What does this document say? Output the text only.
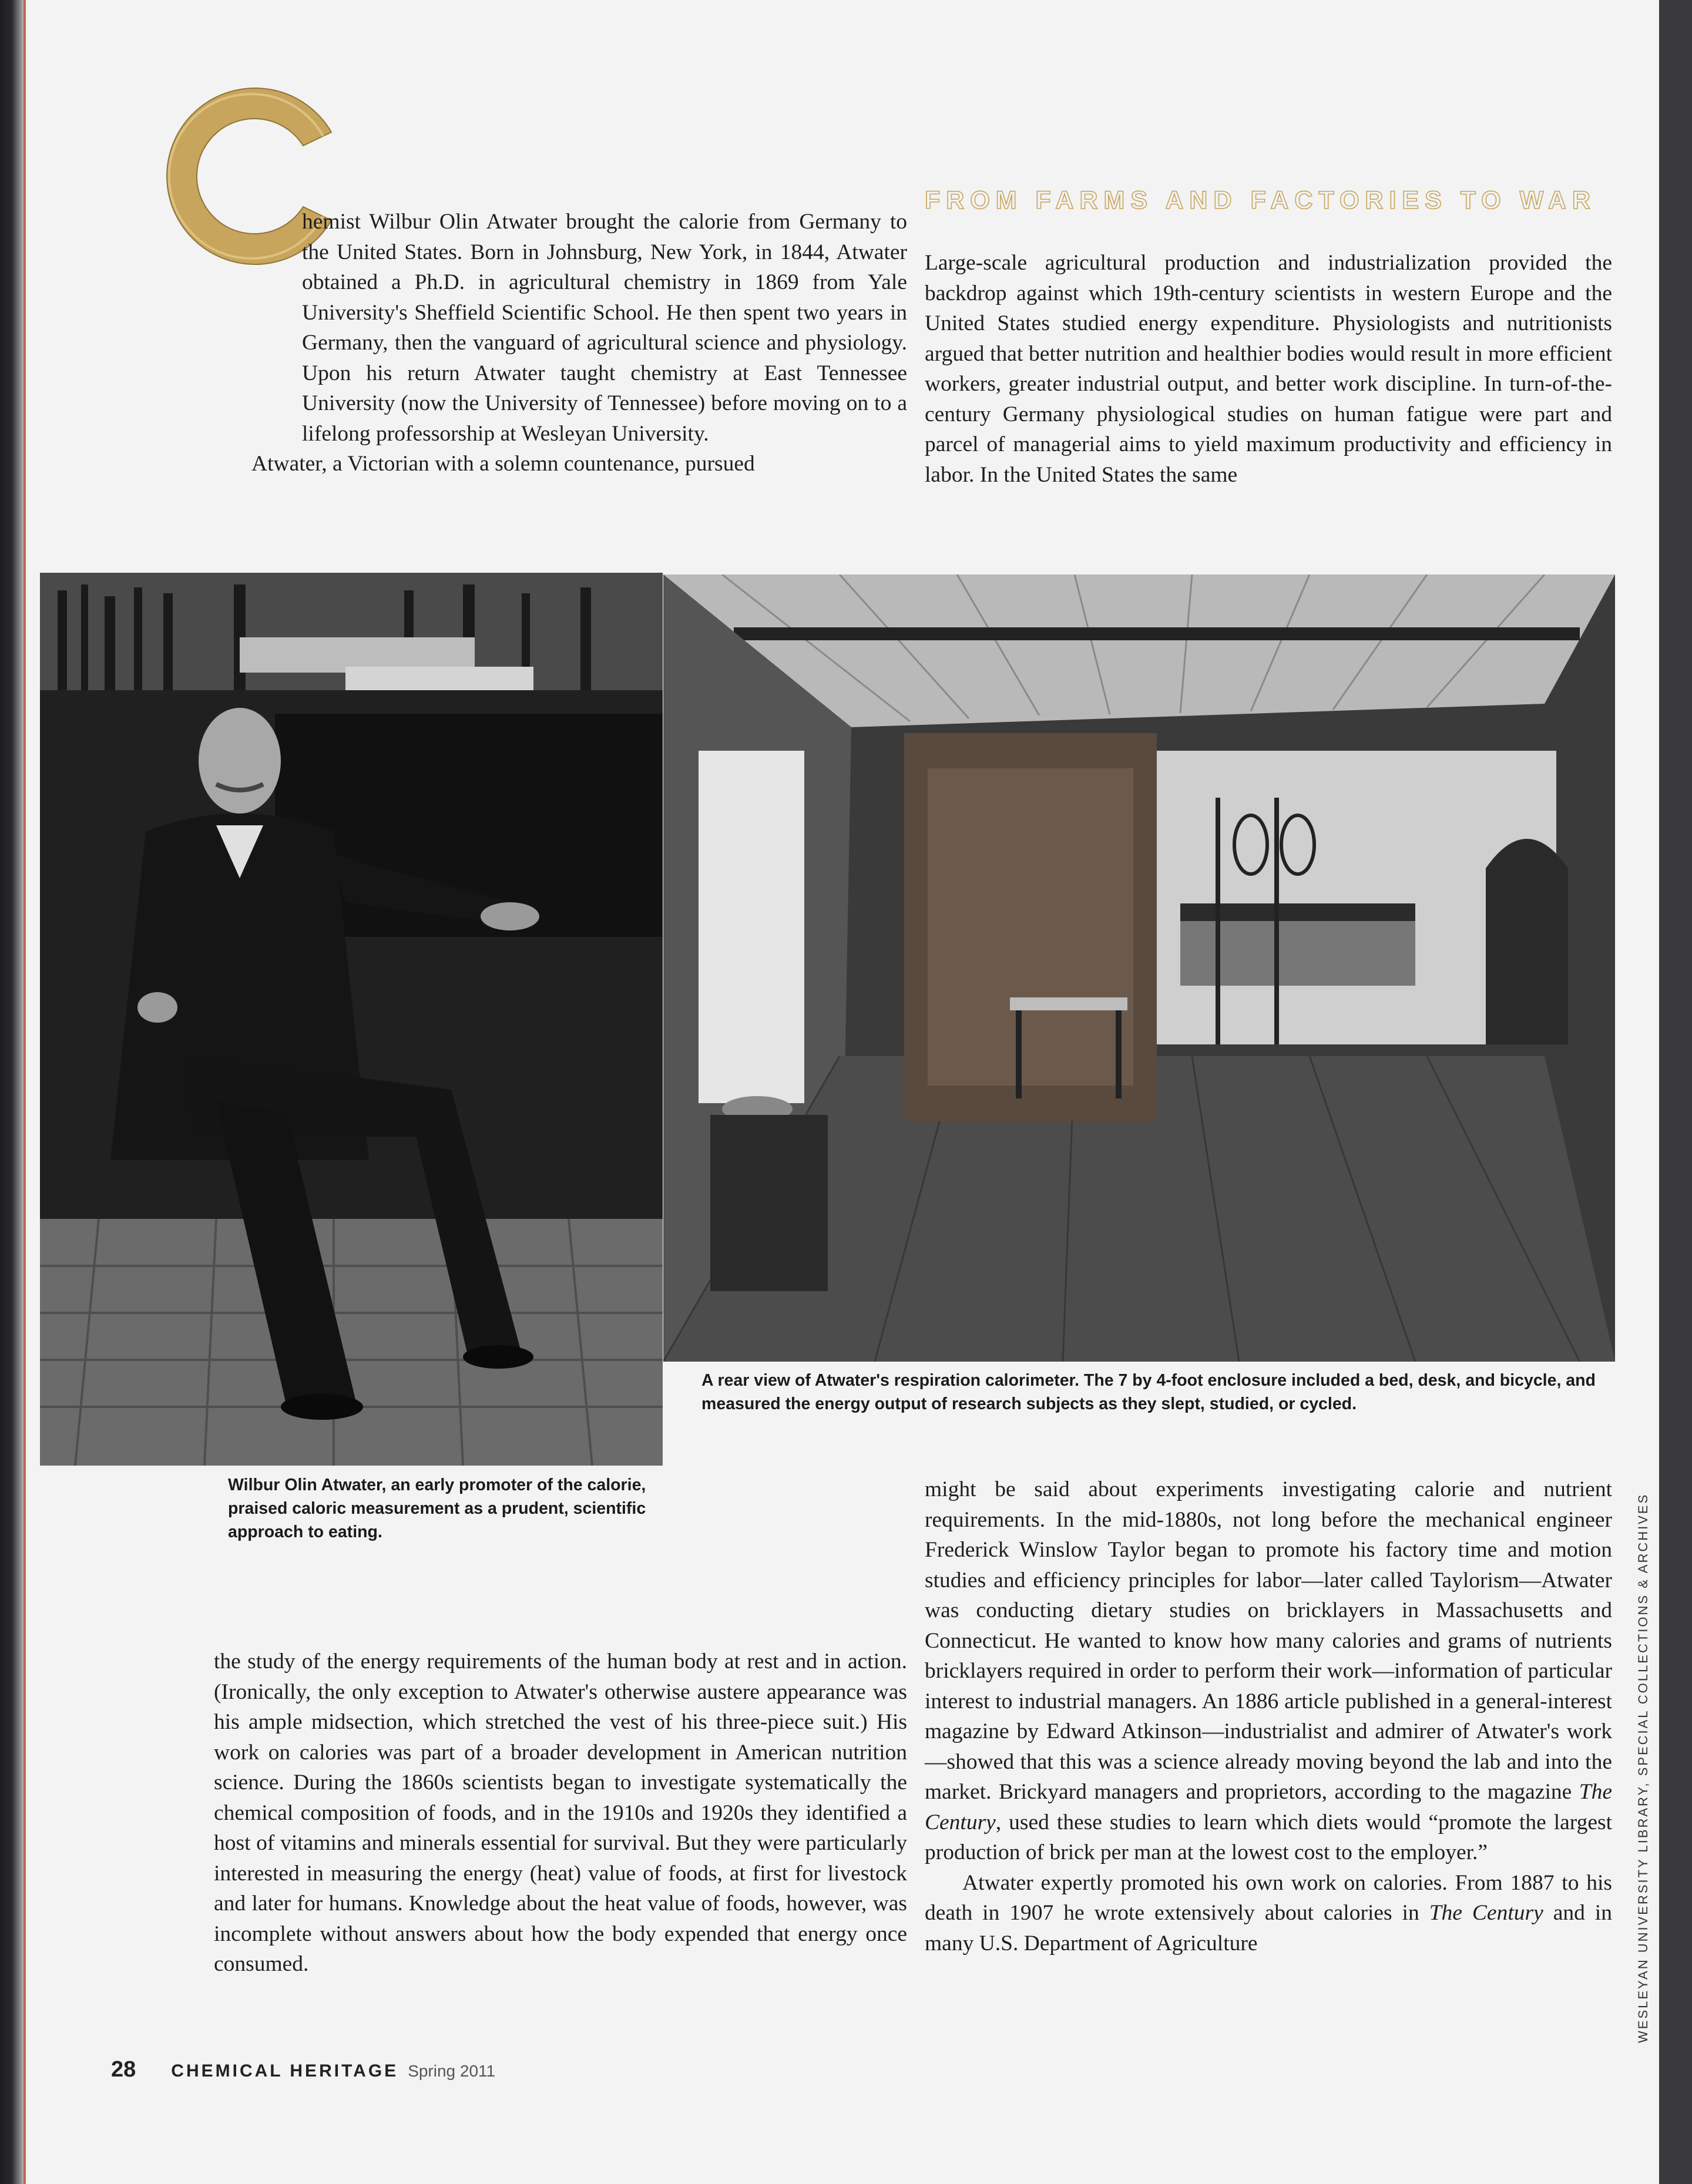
FROM FARMS AND FACTORIES TO WAR

hemist Wilbur Olin Atwater brought the calorie from Germany to the United States. Born in Johnsburg, New York, in 1844, Atwater obtained a Ph.D. in agricultural chemistry in 1869 from Yale University's Sheffield Scientific School. He then spent two years in Germany, then the vanguard of agricultural science and physiology. Upon his return Atwater taught chemistry at East Tennessee University (now the University of Tennessee) before moving on to a lifelong professorship at Wesleyan University.

Atwater, a Victorian with a solemn countenance, pursued

Large-scale agricultural production and industrialization provided the backdrop against which 19th-century scientists in western Europe and the United States studied energy expenditure. Physiologists and nutritionists argued that better nutrition and healthier bodies would result in more efficient workers, greater industrial output, and better work discipline. In turn-of-the-century Germany physiological studies on human fatigue were part and parcel of managerial aims to yield maximum productivity and efficiency in labor. In the United States the same

A rear view of Atwater's respiration calorimeter. The 7 by 4-foot enclosure included a bed, desk, and bicycle, and measured the energy output of research subjects as they slept, studied, or cycled.

Wilbur Olin Atwater, an early promoter of the calorie, praised caloric measurement as a prudent, scientific approach to eating.

the study of the energy requirements of the human body at rest and in action. (Ironically, the only exception to Atwater's otherwise austere appearance was his ample midsection, which stretched the vest of his three-piece suit.) His work on calories was part of a broader development in American nutrition science. During the 1860s scientists began to investigate systematically the chemical composition of foods, and in the 1910s and 1920s they identified a host of vitamins and minerals essential for survival. But they were particularly interested in measuring the energy (heat) value of foods, at first for livestock and later for humans. Knowledge about the heat value of foods, however, was incomplete without answers about how the body expended that energy once consumed.

might be said about experiments investigating calorie and nutrient requirements. In the mid-1880s, not long before the mechanical engineer Frederick Winslow Taylor began to promote his factory time and motion studies and efficiency principles for labor—later called Taylorism—Atwater was conducting dietary studies on bricklayers in Massachusetts and Connecticut. He wanted to know how many calories and grams of nutrients bricklayers required in order to perform their work—information of particular interest to industrial managers. An 1886 article published in a general-interest magazine by Edward Atkinson—industrialist and admirer of Atwater's work—showed that this was a science already moving beyond the lab and into the market. Brickyard managers and proprietors, according to the magazine The Century, used these studies to learn which diets would “promote the largest production of brick per man at the lowest cost to the employer.”

Atwater expertly promoted his own work on calories. From 1887 to his death in 1907 he wrote extensively about calories in The Century and in many U.S. Department of Agriculture	WESLEYAN UNIVERSITY LIBRARY, SPECIAL COLLECTIONS & ARCHIVES
28 CHEMICAL HERITAGE Spring 2011
